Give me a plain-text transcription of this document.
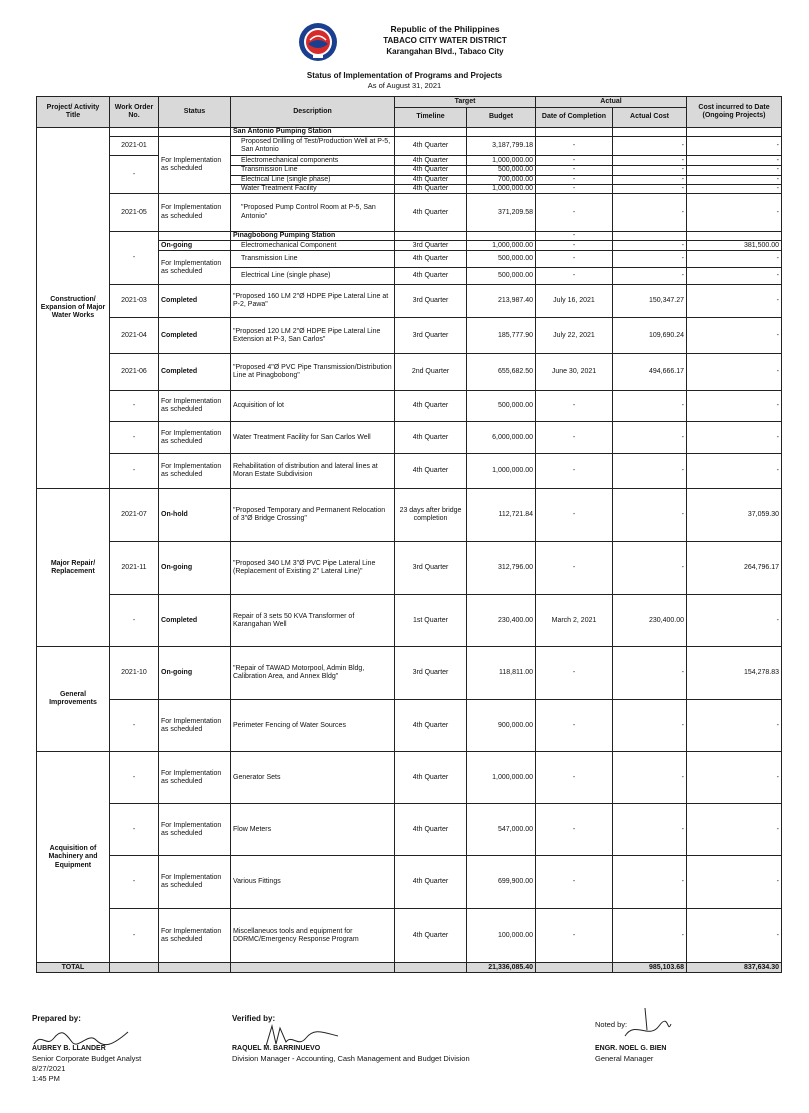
Republic of the Philippines
TABACO CITY WATER DISTRICT
Karangahan Blvd., Tabaco City
Status of Implementation of Programs and Projects
As of August 31, 2021
Project/ Activity Title	Work Order No.	Status	Description	Target		Actual		Cost incurred to Date (Ongoing Projects)
				Timeline	Budget	Date of Completion	Actual Cost	
Construction/ Expansion of Major Water Works			San Antonio Pumping Station					
	2021-01	For Implementation as scheduled	Proposed Drilling of Test/Production Well at P-5, San Antonio	4th Quarter	3,187,799.18	-	-	-
	-		Electromechanical components	4th Quarter	1,000,000.00	-	-	-
			Transmission Line	4th Quarter	500,000.00	-	-	-
			Electrical Line (single phase)	4th Quarter	700,000.00	-	-	-
			Water Treatment Facility	4th Quarter	1,000,000.00	-	-	-
	2021-05	For Implementation as scheduled	"Proposed Pump Control Room at P-5, San Antonio"	4th Quarter	371,209.58	-	-	-
	-		Pinagbobong Pumping Station			-		
		On-going	Electromechanical Component	3rd Quarter	1,000,000.00	-	-	381,500.00
		For Implementation as scheduled	Transmission Line	4th Quarter	500,000.00	-	-	-
			Electrical Line (single phase)	4th Quarter	500,000.00	-	-	-
	2021-03	Completed	"Proposed 160 LM 2"Ø HDPE Pipe Lateral Line at P-2, Pawa"	3rd Quarter	213,987.40	July 16, 2021	150,347.27	-
	2021-04	Completed	"Proposed 120 LM 2"Ø HDPE Pipe Lateral Line Extension at P-3, San Carlos"	3rd Quarter	185,777.90	July 22, 2021	109,690.24	-
	2021-06	Completed	"Proposed 4"Ø PVC Pipe Transmission/Distribution Line at Pinagbobong"	2nd Quarter	655,682.50	June 30, 2021	494,666.17	-
	-	For Implementation as scheduled	Acquisition of lot	4th Quarter	500,000.00	-	-	-
	-	For Implementation as scheduled	Water Treatment Facility for San Carlos Well	4th Quarter	6,000,000.00	-	-	-
	-	For Implementation as scheduled	Rehabilitation of distribution and lateral lines at Moran Estate Subdivision	4th Quarter	1,000,000.00	-	-	-
Major Repair/ Replacement	2021-07	On-hold	"Proposed Temporary and Permanent Relocation of 3"Ø Bridge Crossing"	23 days after bridge completion	112,721.84	-	-	37,059.30
	2021-11	On-going	"Proposed 340 LM 3"Ø PVC Pipe Lateral Line (Replacement of Existing 2" Lateral Line)"	3rd Quarter	312,796.00	-	-	264,796.17
	-	Completed	Repair of 3 sets 50 KVA Transformer of Karangahan Well	1st Quarter	230,400.00	March 2, 2021	230,400.00	-
General Improvements	2021-10	On-going	"Repair of TAWAD Motorpool, Admin Bldg, Calibration Area, and Annex Bldg"	3rd Quarter	118,811.00	-	-	154,278.83
	-	For Implementation as scheduled	Perimeter Fencing of Water Sources	4th Quarter	900,000.00	-	-	-
Acquisition of Machinery and Equipment	-	For Implementation as scheduled	Generator Sets	4th Quarter	1,000,000.00	-	-	-
	-	For Implementation as scheduled	Flow Meters	4th Quarter	547,000.00	-	-	-
	-	For Implementation as scheduled	Various Fittings	4th Quarter	699,900.00	-	-	-
	-	For Implementation as scheduled	Miscellaneuos tools and equipment for DDRMC/Emergency Response Program	4th Quarter	100,000.00	-	-	-
TOTAL					21,336,085.40		985,103.68	837,634.30
Prepared by:
AUBREY B. LLANDER
Senior Corporate Budget Analyst
8/27/2021
1:45 PM
Verified by:
RAQUEL M. BARRINUEVO
Division Manager - Accounting, Cash Management and Budget Division
Noted by:
ENGR. NOEL G. BIEN
General Manager
